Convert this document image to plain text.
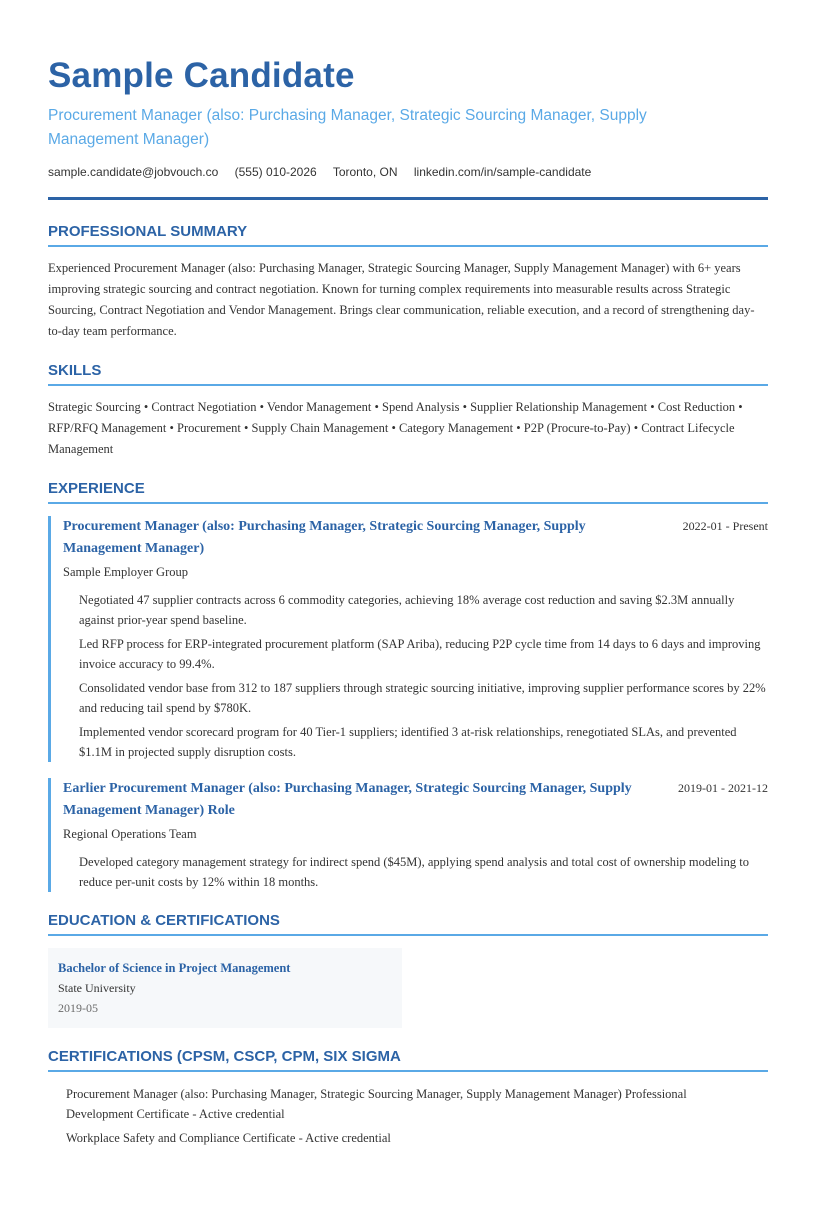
Sample Candidate
Procurement Manager (also: Purchasing Manager, Strategic Sourcing Manager, Supply Management Manager)
sample.candidate@jobvouch.co (555) 010-2026 Toronto, ON linkedin.com/in/sample-candidate
PROFESSIONAL SUMMARY
Experienced Procurement Manager (also: Purchasing Manager, Strategic Sourcing Manager, Supply Management Manager) with 6+ years improving strategic sourcing and contract negotiation. Known for turning complex requirements into measurable results across Strategic Sourcing, Contract Negotiation and Vendor Management. Brings clear communication, reliable execution, and a record of strengthening day-to-day team performance.
SKILLS
Strategic Sourcing • Contract Negotiation • Vendor Management • Spend Analysis • Supplier Relationship Management • Cost Reduction • RFP/RFQ Management • Procurement • Supply Chain Management • Category Management • P2P (Procure-to-Pay) • Contract Lifecycle Management
EXPERIENCE
Procurement Manager (also: Purchasing Manager, Strategic Sourcing Manager, Supply Management Manager)
2022-01 - Present
Sample Employer Group
Negotiated 47 supplier contracts across 6 commodity categories, achieving 18% average cost reduction and saving $2.3M annually against prior-year spend baseline.
Led RFP process for ERP-integrated procurement platform (SAP Ariba), reducing P2P cycle time from 14 days to 6 days and improving invoice accuracy to 99.4%.
Consolidated vendor base from 312 to 187 suppliers through strategic sourcing initiative, improving supplier performance scores by 22% and reducing tail spend by $780K.
Implemented vendor scorecard program for 40 Tier-1 suppliers; identified 3 at-risk relationships, renegotiated SLAs, and prevented $1.1M in projected supply disruption costs.
Earlier Procurement Manager (also: Purchasing Manager, Strategic Sourcing Manager, Supply Management Manager) Role
2019-01 - 2021-12
Regional Operations Team
Developed category management strategy for indirect spend ($45M), applying spend analysis and total cost of ownership modeling to reduce per-unit costs by 12% within 18 months.
EDUCATION & CERTIFICATIONS
Bachelor of Science in Project Management
State University
2019-05
CERTIFICATIONS (CPSM, CSCP, CPM, SIX SIGMA
Procurement Manager (also: Purchasing Manager, Strategic Sourcing Manager, Supply Management Manager) Professional Development Certificate - Active credential
Workplace Safety and Compliance Certificate - Active credential
